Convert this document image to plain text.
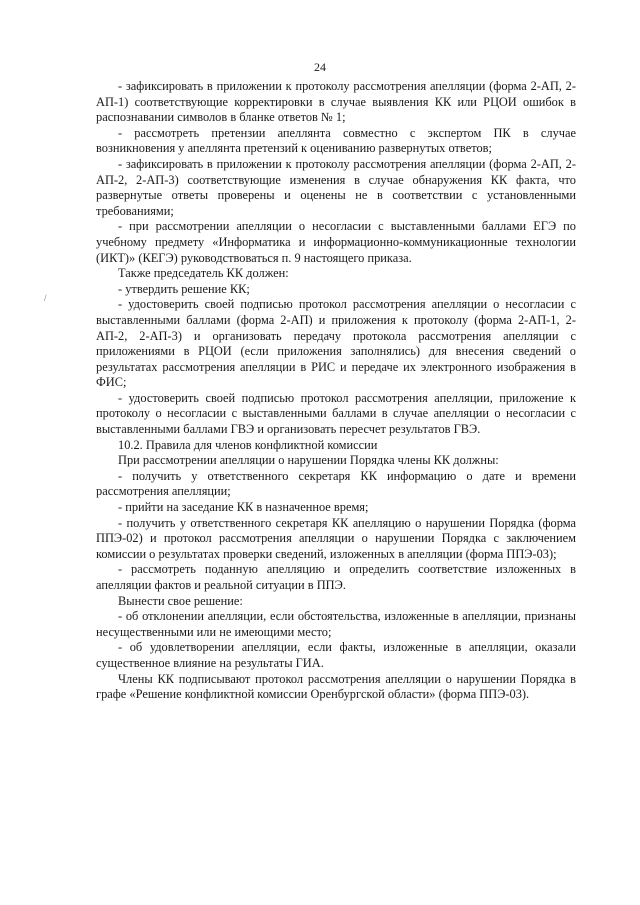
24
/

- зафиксировать в приложении к протоколу рассмотрения апелляции (форма 2-АП, 2-АП-1) соответствующие корректировки в случае выявления КК или РЦОИ ошибок в распознавании символов в бланке ответов № 1;

- рассмотреть претензии апеллянта совместно с экспертом ПК в случае возникновения у апеллянта претензий к оцениванию развернутых ответов;

- зафиксировать в приложении к протоколу рассмотрения апелляции (форма 2-АП, 2-АП-2, 2-АП-3) соответствующие изменения в случае обнаружения КК факта, что развернутые ответы проверены и оценены не в соответствии с установленными требованиями;

- при рассмотрении апелляции о несогласии с выставленными баллами ЕГЭ по учебному предмету «Информатика и информационно-коммуникационные технологии (ИКТ)» (КЕГЭ) руководствоваться п. 9 настоящего приказа.

Также председатель КК должен:

- утвердить решение КК;

- удостоверить своей подписью протокол рассмотрения апелляции о несогласии с выставленными баллами (форма 2-АП) и приложения к протоколу (форма 2-АП-1, 2-АП-2, 2-АП-3) и организовать передачу протокола рассмотрения апелляции с приложениями в РЦОИ (если приложения заполнялись) для внесения сведений о результатах рассмотрения апелляции в РИС и передаче их электронного изображения в ФИС;

- удостоверить своей подписью протокол рассмотрения апелляции, приложение к протоколу о несогласии с выставленными баллами в случае апелляции о несогласии с выставленными баллами ГВЭ и организовать пересчет результатов ГВЭ.

10.2. Правила для членов конфликтной комиссии

При рассмотрении апелляции о нарушении Порядка члены КК должны:

- получить у ответственного секретаря КК информацию о дате и времени рассмотрения апелляции;

- прийти на заседание КК в назначенное время;

- получить у ответственного секретаря КК апелляцию о нарушении Порядка (форма ППЭ-02) и протокол рассмотрения апелляции о нарушении Порядка с заключением комиссии о результатах проверки сведений, изложенных в апелляции (форма ППЭ-03);

- рассмотреть поданную апелляцию и определить соответствие изложенных в апелляции фактов и реальной ситуации в ППЭ.

Вынести свое решение:

- об отклонении апелляции, если обстоятельства, изложенные в апелляции, признаны несущественными или не имеющими место;

- об удовлетворении апелляции, если факты, изложенные в апелляции, оказали существенное влияние на результаты ГИА.

Члены КК подписывают протокол рассмотрения апелляции о нарушении Порядка в графе «Решение конфликтной комиссии Оренбургской области» (форма ППЭ-03).
